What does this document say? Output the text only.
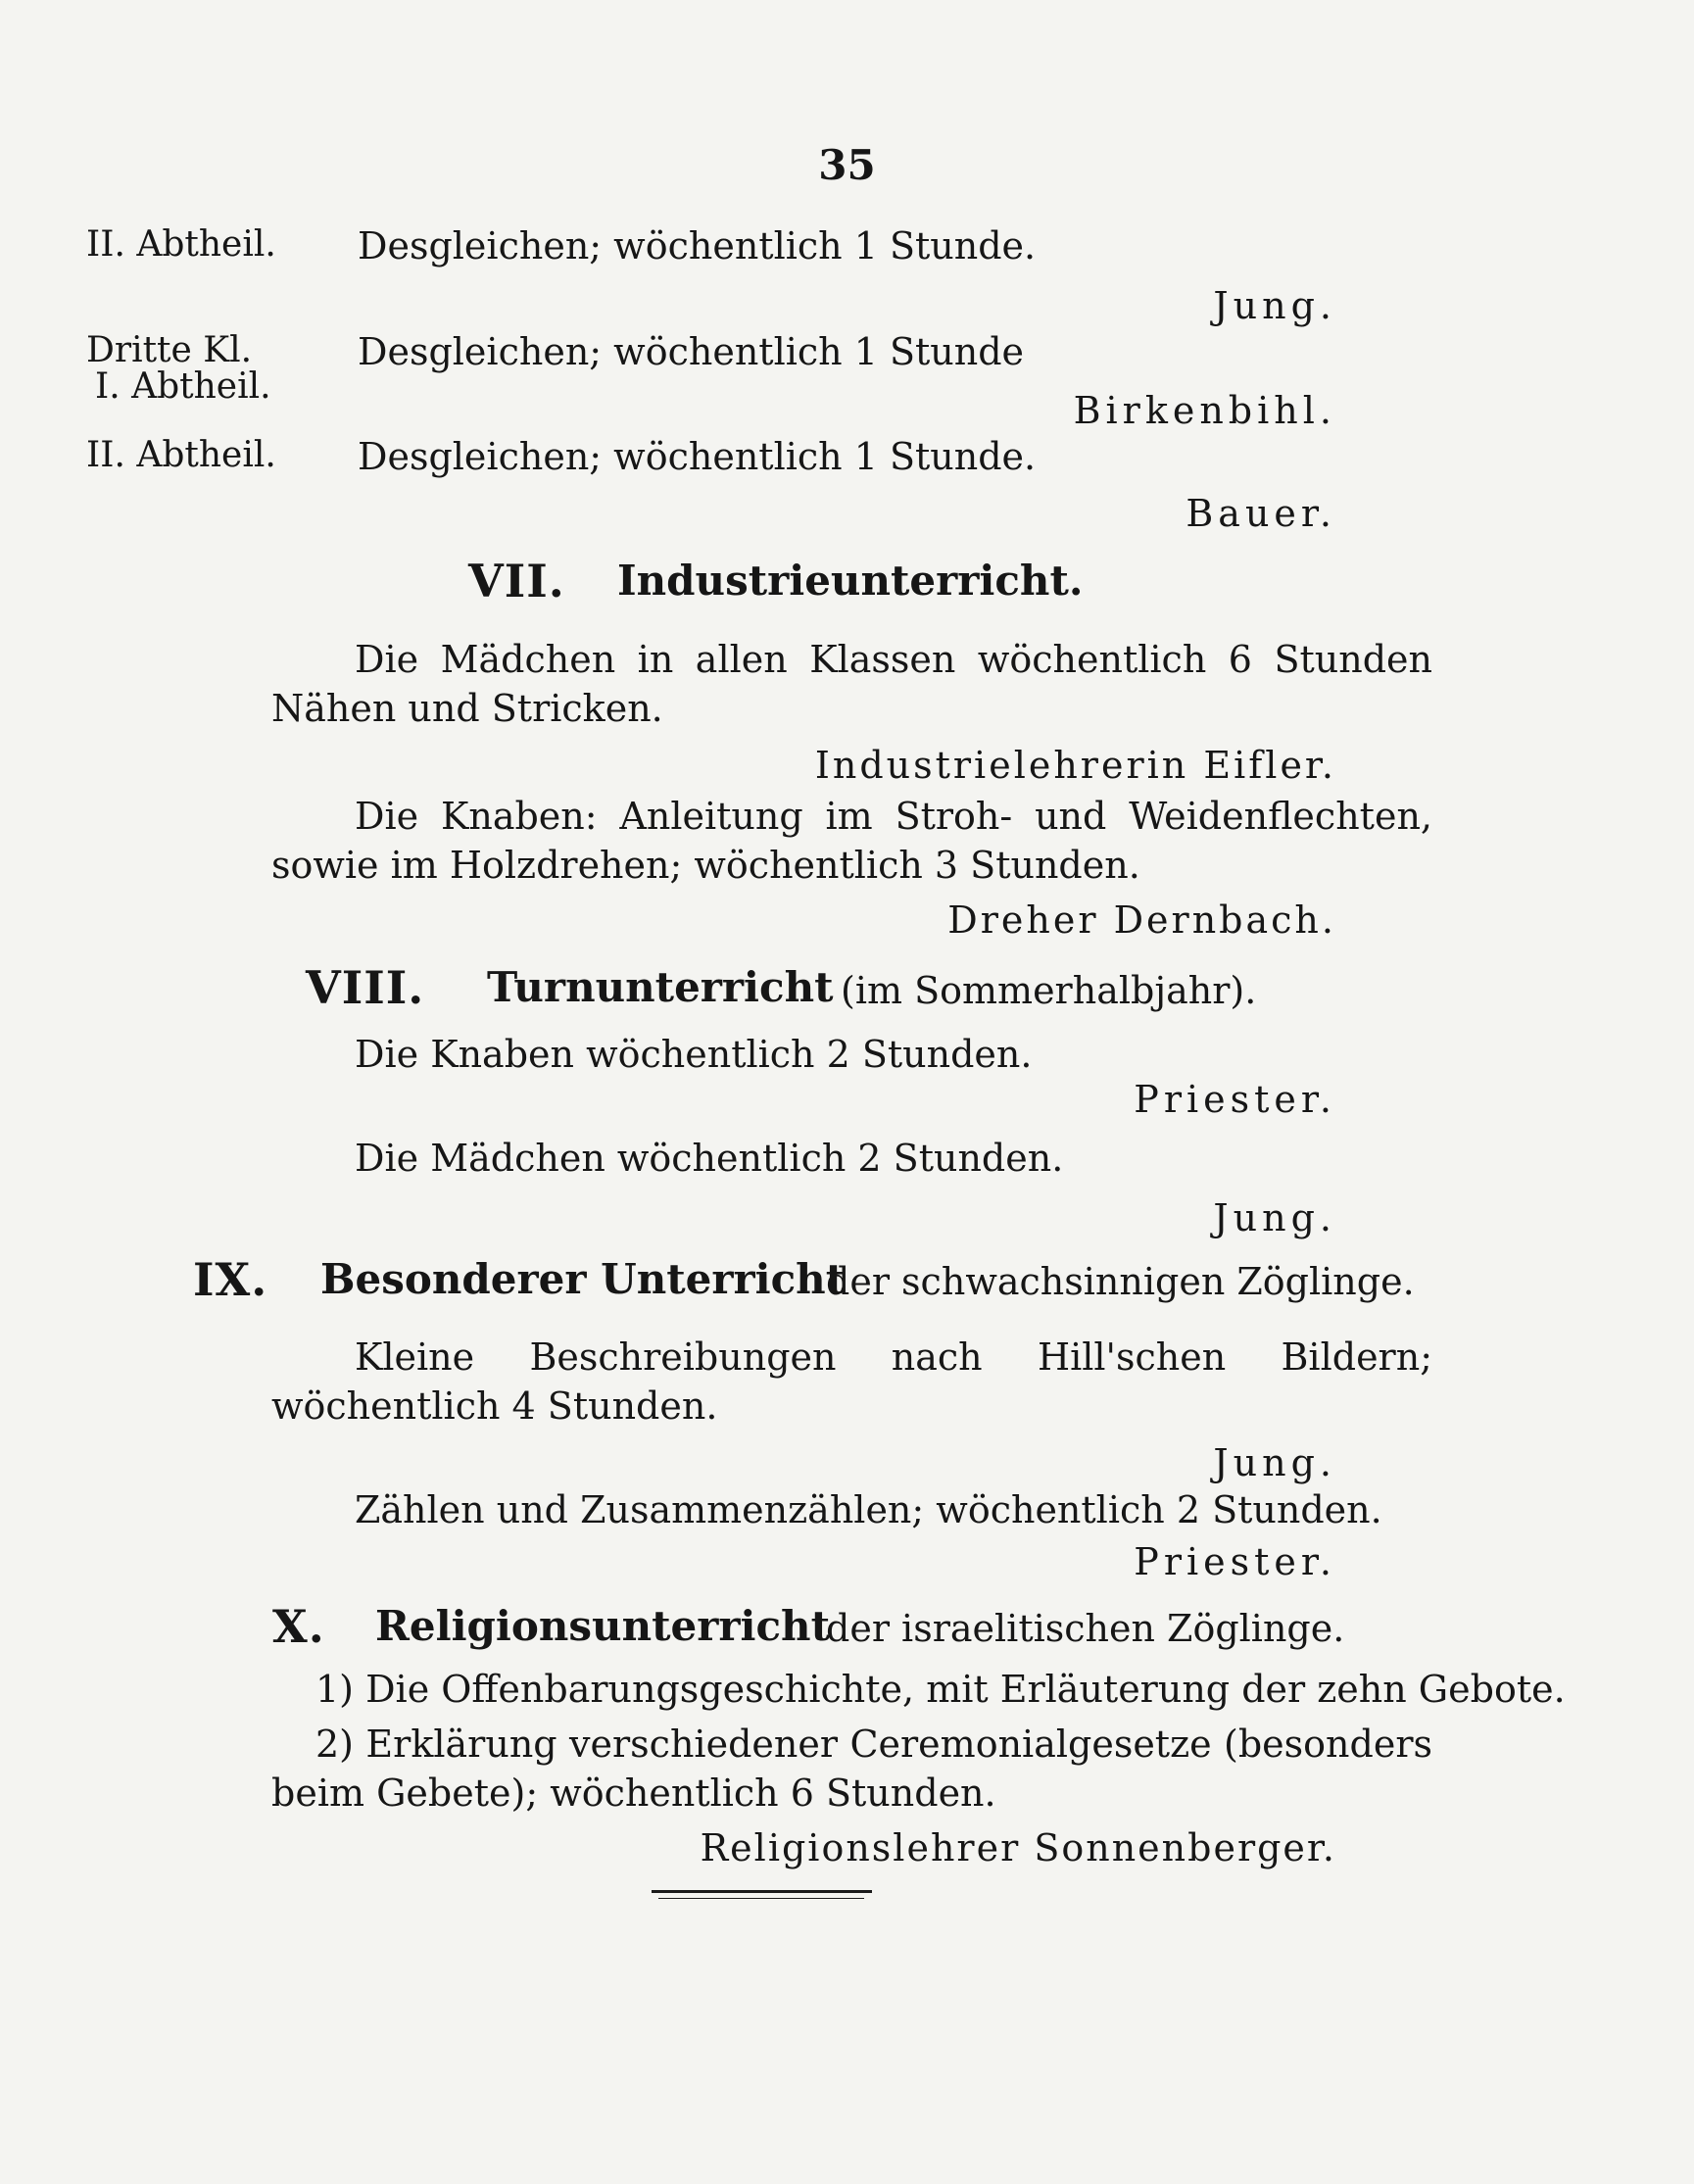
35
II. Abtheil. Desgleichen; wöchentlich 1 Stunde.
Jung.
Dritte Kl.
I. Abtheil.
Desgleichen; wöchentlich 1 Stunde
Birkenbihl.
II. Abtheil. Desgleichen; wöchentlich 1 Stunde.
Bauer.
VII. Industrieunterricht.
Die Mädchen in allen Klassen wöchentlich 6 Stunden Nähen und Stricken.
Industrielehrerin Eifler.
Die Knaben: Anleitung im Stroh- und Weidenflechten, sowie im Holzdrehen; wöchentlich 3 Stunden.
Dreher Dernbach.
VIII. Turnunterricht (im Sommerhalbjahr).
Die Knaben wöchentlich 2 Stunden.
Priester.
Die Mädchen wöchentlich 2 Stunden.
Jung.
IX. Besonderer Unterricht
der schwachsinnigen Zöglinge.
Kleine Beschreibungen nach Hill'schen Bildern; wöchentlich 4 Stunden.
Jung.
Zählen und Zusammenzählen; wöchentlich 2 Stunden.
Priester.
X. Religionsunterricht
der israelitischen Zöglinge.
1) Die Offenbarungsgeschichte, mit Erläuterung der zehn Gebote.
2) Erklärung verschiedener Ceremonialgesetze (besonders beim Gebete); wöchentlich 6 Stunden.
Religionslehrer Sonnenberger.
